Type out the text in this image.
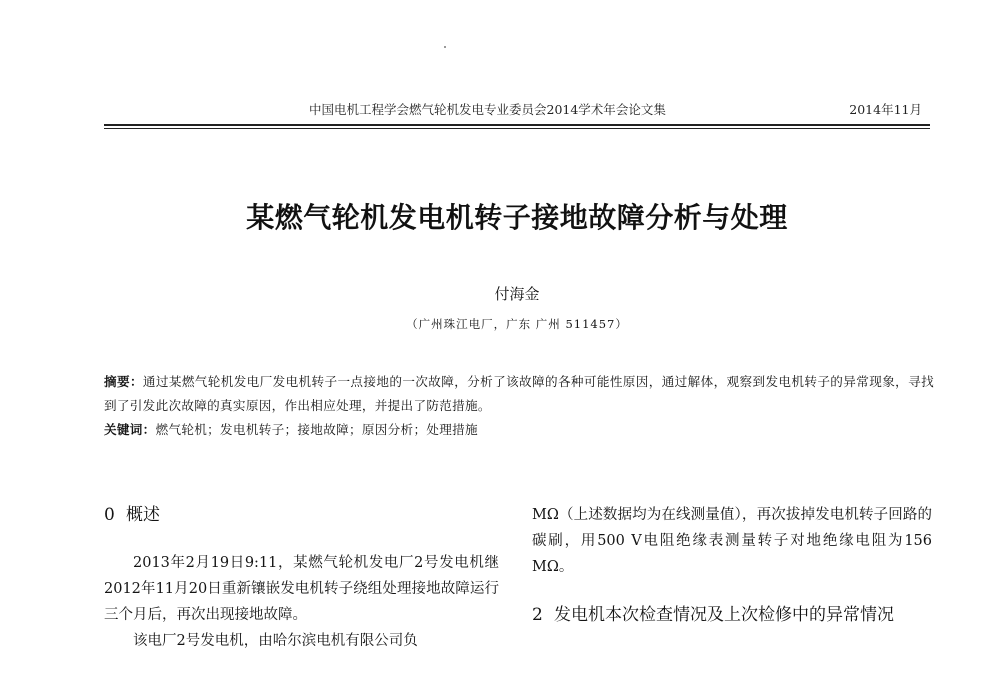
中国电机工程学会燃气轮机发电专业委员会2014学术年会论文集	2014年11月
某燃气轮机发电机转子接地故障分析与处理
付海金
（广州珠江电厂，广东 广州 511457）

摘要：通过某燃气轮机发电厂发电机转子一点接地的一次故障，分析了该故障的各种可能性原因，通过解体，观察到发电机转子的异常现象，寻找到了引发此次故障的真实原因，作出相应处理，并提出了防范措施。

关键词：燃气轮机；发电机转子；接地故障；原因分析；处理措施

0 概述

2013年2月19日9:11，某燃气轮机发电厂2号发电机继2012年11月20日重新镶嵌发电机转子绕组处理接地故障运行三个月后，再次出现接地故障。

该电厂2号发电机，由哈尔滨电机有限公司负

MΩ（上述数据均为在线测量值），再次拔掉发电机转子回路的碳刷，用500 V电阻绝缘表测量转子对地绝缘电阻为156 MΩ。

2 发电机本次检查情况及上次检修中的异常情况
